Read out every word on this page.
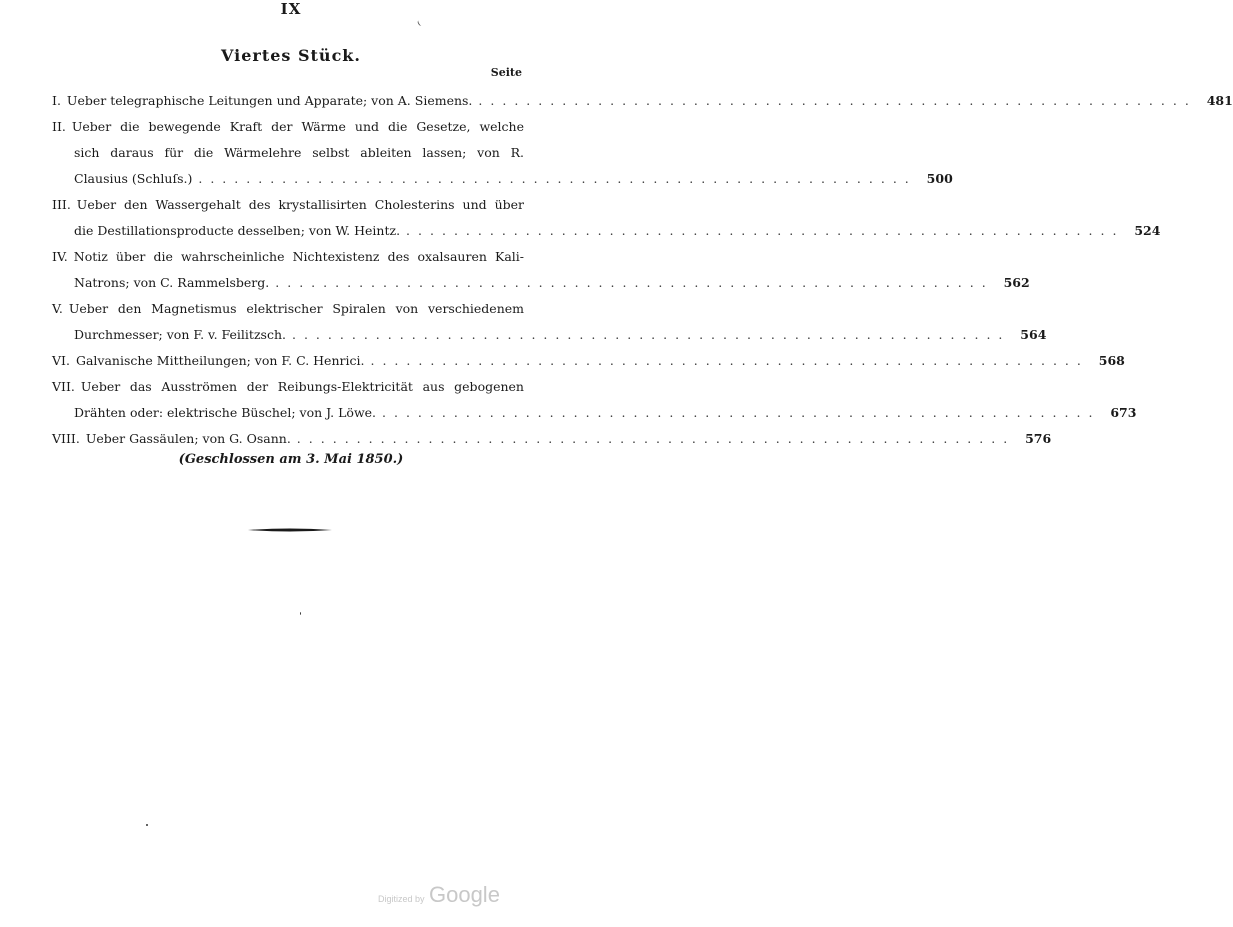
IX
Viertes Stück.
Seite
I. Ueber telegraphische Leitungen und Apparate; von A. Siemens. ............................................................ 481
II. Ueber die bewegende Kraft der Wärme und die Gesetze, welche
sich daraus für die Wärmelehre selbst ableiten lassen; von R.
Clausius (Schluſs.) ............................................................ 500
III. Ueber den Wassergehalt des krystallisirten Cholesterins und über
die Destillationsproducte desselben; von W. Heintz. ............................................................ 524
IV. Notiz über die wahrscheinliche Nichtexistenz des oxalsauren Kali-
Natrons; von C. Rammelsberg. ............................................................ 562
V. Ueber den Magnetismus elektrischer Spiralen von verschiedenem
Durchmesser; von F. v. Feilitzsch. ............................................................ 564
VI. Galvanische Mittheilungen; von F. C. Henrici. ............................................................ 568
VII. Ueber das Ausströmen der Reibungs-Elektricität aus gebogenen
Drähten oder: elektrische Büschel; von J. Löwe. ............................................................ 673
VIII. Ueber Gassäulen; von G. Osann. ............................................................ 576
(Geschlossen am 3. Mai 1850.)
Digitized by Google
